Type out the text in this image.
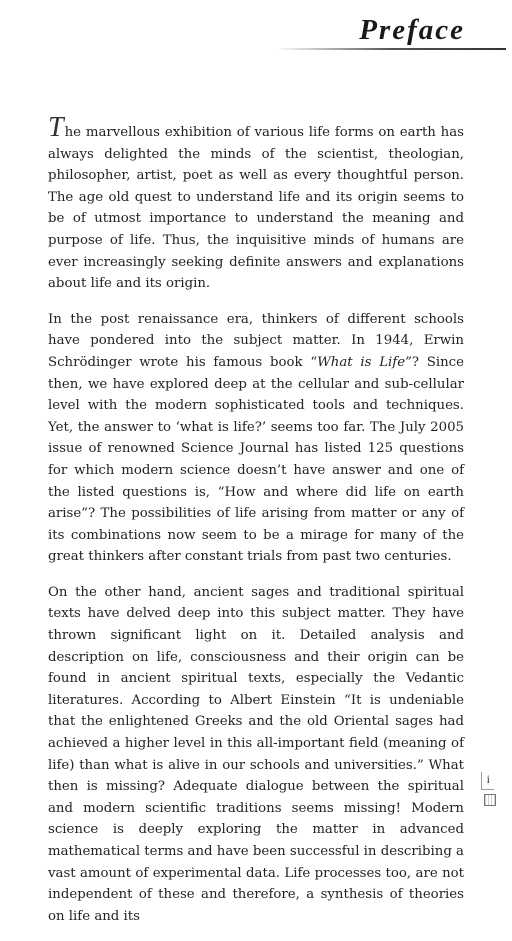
Preface

The marvellous exhibition of various life forms on earth has always delighted the minds of the scientist, theologian, philosopher, artist, poet as well as every thoughtful person. The age old quest to understand life and its origin seems to be of utmost importance to understand the meaning and purpose of life. Thus, the inquisitive minds of humans are ever increasingly seeking definite answers and explanations about life and its origin.

In the post renaissance era, thinkers of different schools have pondered into the subject matter. In 1944, Erwin Schrödinger wrote his famous book “What is Life”? Since then, we have explored deep at the cellular and sub-cellular level with the modern sophisticated tools and techniques. Yet, the answer to ‘what is life?’ seems too far. The July 2005 issue of renowned Science Journal has listed 125 questions for which modern science doesn’t have answer and one of the listed questions is, “How and where did life on earth arise”? The possibilities of life arising from matter or any of its combinations now seem to be a mirage for many of the great thinkers after constant trials from past two centuries.

On the other hand, ancient sages and traditional spiritual texts have delved deep into this subject matter. They have thrown significant light on it. Detailed analysis and description on life, consciousness and their origin can be found in ancient spiritual texts, especially the Vedantic literatures. According to Albert Einstein “It is undeniable that the enlightened Greeks and the old Oriental sages had achieved a higher level in this all-important field (meaning of life) than what is alive in our schools and universities.” What then is missing? Adequate dialogue between the spiritual and modern scientific traditions seems missing! Modern science is deeply exploring the matter in advanced mathematical terms and have been successful in describing a vast amount of experimental data. Life processes too, are not independent of these and therefore, a synthesis of theories on life and its

i
